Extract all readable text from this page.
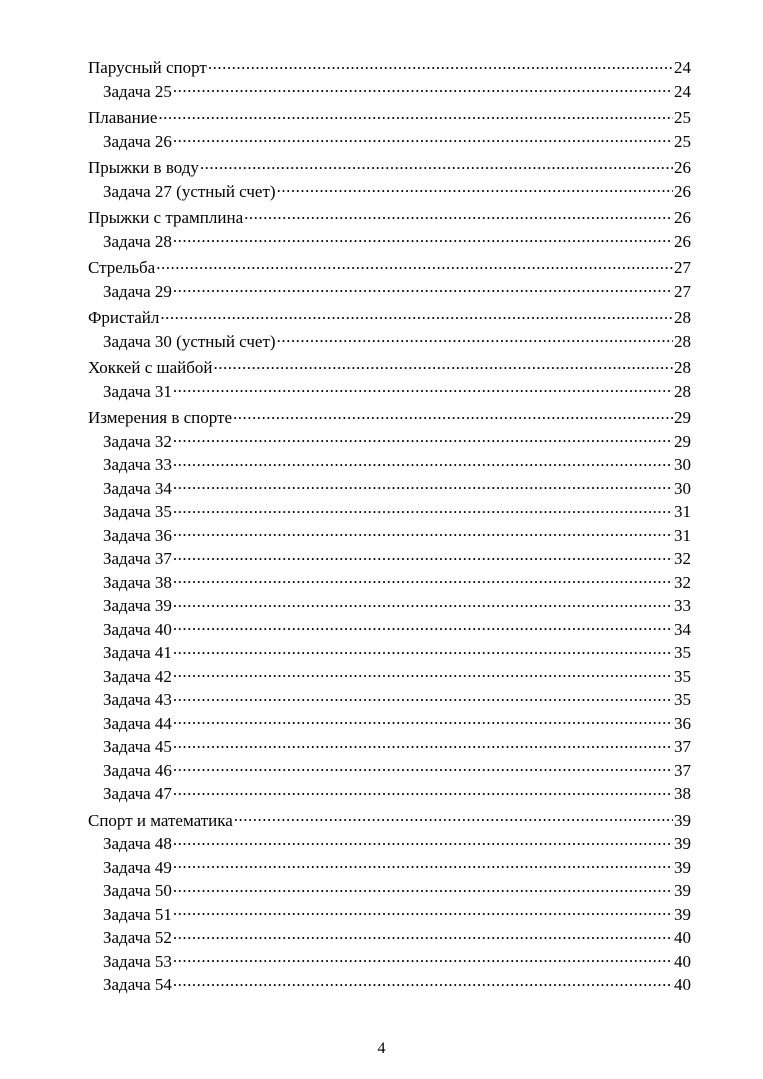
Парусный спорт .....	24
Задача 25 .....	24
Плавание .....	25
Задача 26 .....	25
Прыжки в воду .....	26
Задача 27 (устный счет) .....	26
Прыжки с трамплина .....	26
Задача 28 .....	26
Стрельба .....	27
Задача 29 .....	27
Фристайл .....	28
Задача 30 (устный счет) .....	28
Хоккей с шайбой .....	28
Задача 31 .....	28
Измерения в спорте .....	29
Задача 32 .....	29
Задача 33 .....	30
Задача 34 .....	30
Задача 35 .....	31
Задача 36 .....	31
Задача 37 .....	32
Задача 38 .....	32
Задача 39 .....	33
Задача 40 .....	34
Задача 41 .....	35
Задача 42 .....	35
Задача 43 .....	35
Задача 44 .....	36
Задача 45 .....	37
Задача 46 .....	37
Задача 47 .....	38
Спорт и математика .....	39
Задача 48 .....	39
Задача 49 .....	39
Задача 50 .....	39
Задача 51 .....	39
Задача 52 .....	40
Задача 53 .....	40
Задача 54 .....	40
4
